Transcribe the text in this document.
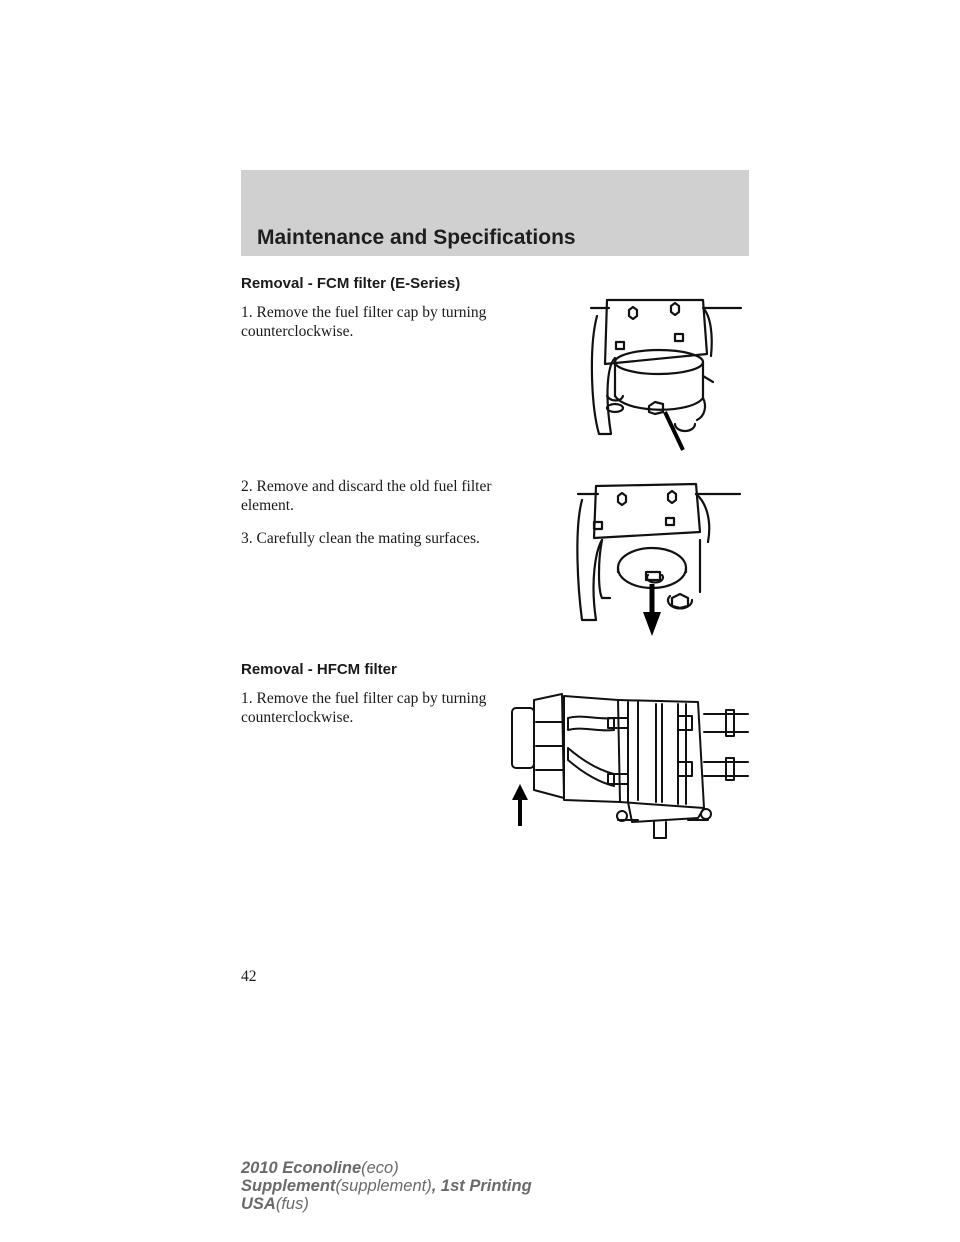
Maintenance and Specifications
Removal - FCM filter (E-Series)

1. Remove the fuel filter cap by turning counterclockwise.

2. Remove and discard the old fuel filter element.

3. Carefully clean the mating surfaces.

Removal - HFCM filter

1. Remove the fuel filter cap by turning counterclockwise.

42

2010 Econoline(eco)
Supplement(supplement), 1st Printing
USA(fus)
